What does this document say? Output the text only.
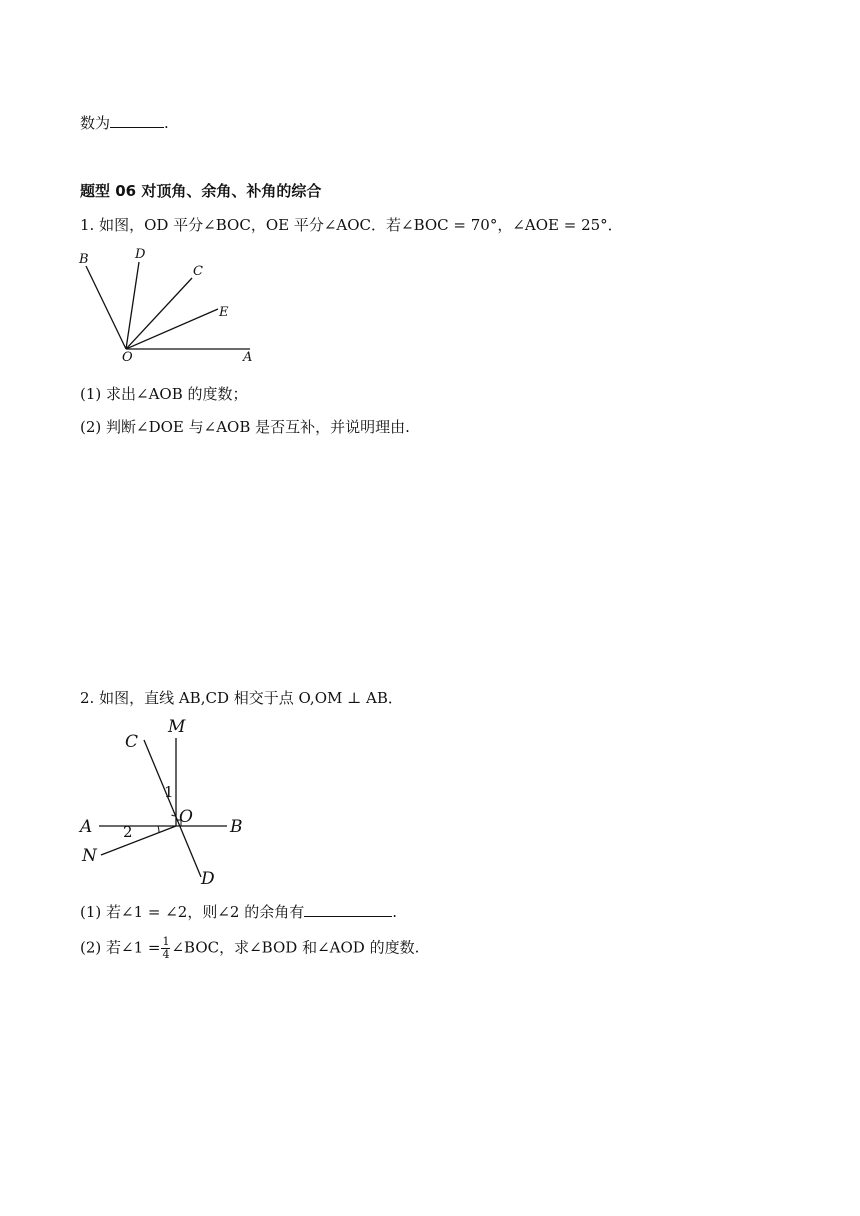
数为	.
题型 06 对顶角、余角、补角的综合
1. 如图，OD 平分∠BOC，OE 平分∠AOC．若∠BOC = 70°，∠AOE = 25°．
B	D
C
E
O	A
(1) 求出∠AOB 的度数；
(2) 判断∠DOE 与∠AOB 是否互补，并说明理由.
2. 如图，直线 AB,CD 相交于点 O,OM ⊥ AB．
C
M
1
O
A 2	B
N
D
(1) 若∠1 = ∠2，则∠2 的余角有	.
(2) 若∠1 = $\frac{1}{4}$ ∠BOC，求∠BOD 和∠AOD 的度数.
